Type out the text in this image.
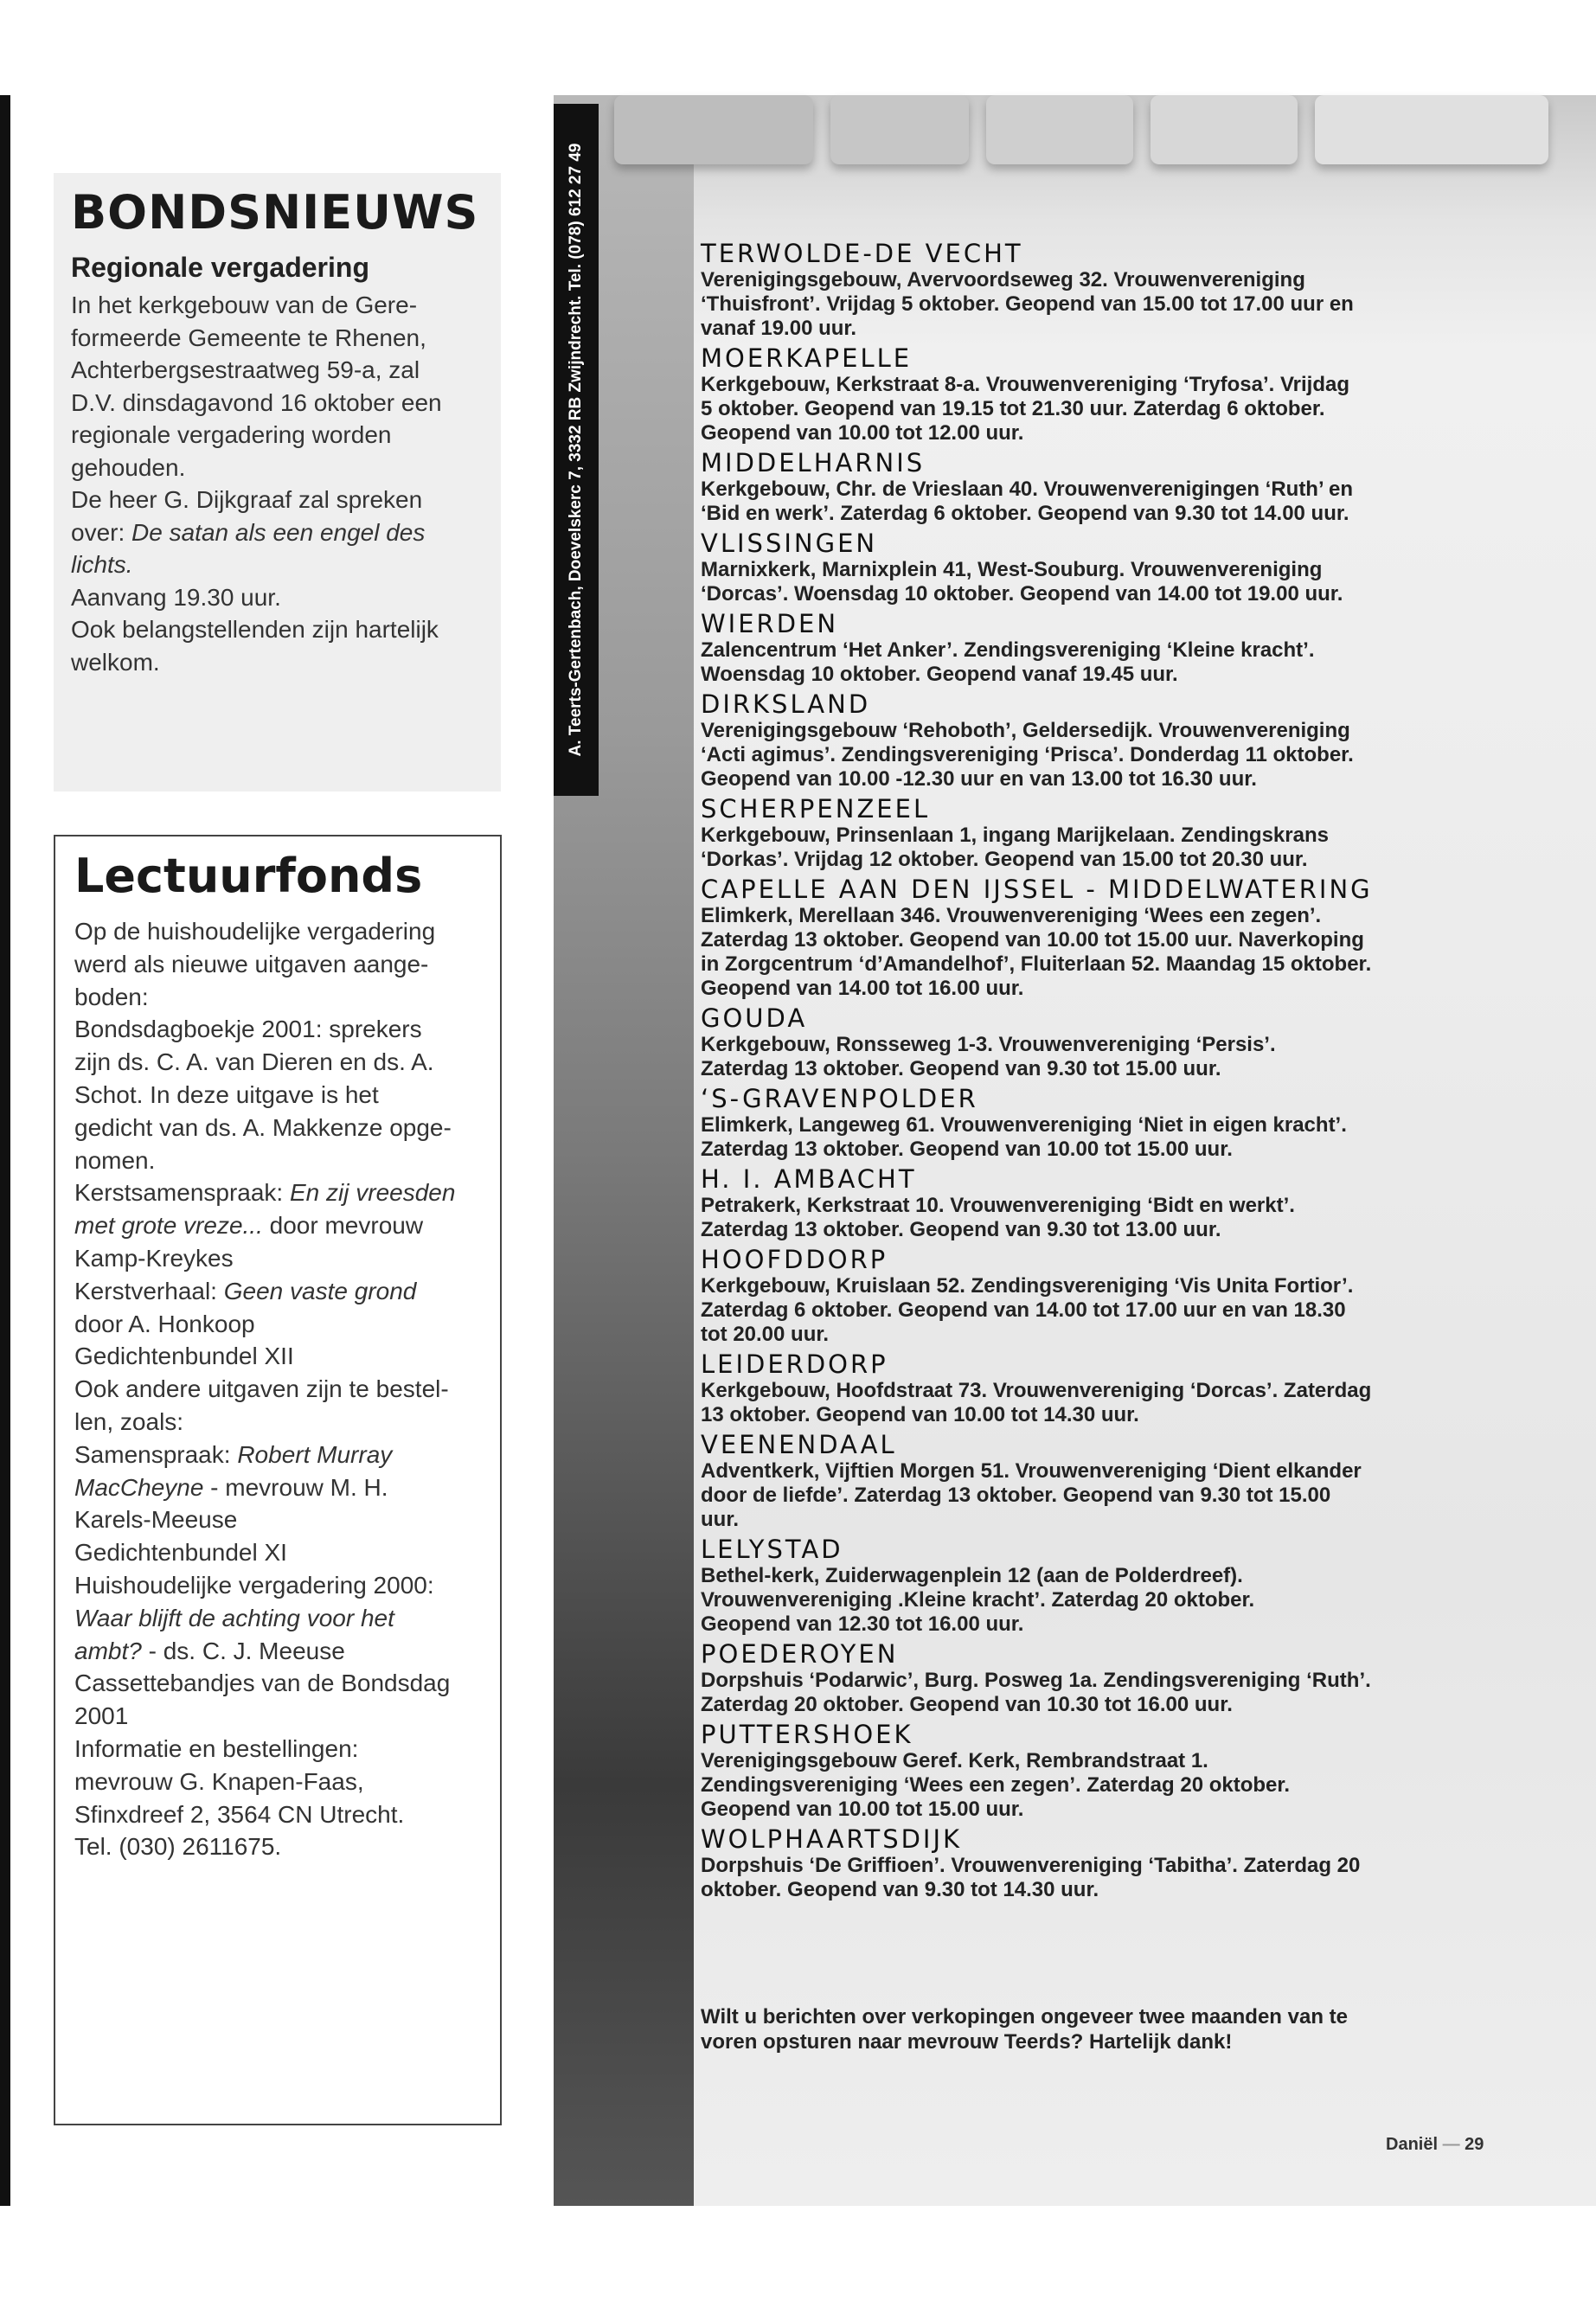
BONDSNIEUWS
Regionale vergadering

In het kerkgebouw van de Gere-

formeerde Gemeente te Rhenen,

Achterbergsestraatweg 59-a, zal

D.V. dinsdagavond 16 oktober een

regionale vergadering worden

gehouden.

De heer G. Dijkgraaf zal spreken

over: De satan als een engel des

lichts.

Aanvang 19.30 uur.

Ook belangstellenden zijn hartelijk

welkom.

Lectuurfonds

Op de huishoudelijke vergadering

werd als nieuwe uitgaven aange-

boden:

Bondsdagboekje 2001: sprekers

zijn ds. C. A. van Dieren en ds. A.

Schot. In deze uitgave is het

gedicht van ds. A. Makkenze opge-

nomen.

Kerstsamenspraak: En zij vreesden

met grote vreze... door mevrouw

Kamp-Kreykes

Kerstverhaal: Geen vaste grond

door A. Honkoop

Gedichtenbundel XII

Ook andere uitgaven zijn te bestel-

len, zoals:

Samenspraak: Robert Murray

MacCheyne - mevrouw M. H.

Karels-Meeuse

Gedichtenbundel XI

Huishoudelijke vergadering 2000:

Waar blijft de achting voor het

ambt? - ds. C. J. Meeuse

Cassettebandjes van de Bondsdag

2001

Informatie en bestellingen:

mevrouw G. Knapen-Faas,

Sfinxdreef 2, 3564 CN Utrecht.

Tel. (030) 2611675.

A. Teerts-Gertenbach, Doevelskerc 7, 3332 RB Zwijndrecht. Tel. (078) 612 27 49	TERWOLDE-DE VECHT

Verenigingsgebouw, Avervoordseweg 32. Vrouwenvereniging

‘Thuisfront’. Vrijdag 5 oktober. Geopend van 15.00 tot 17.00 uur en

vanaf 19.00 uur.

MOERKAPELLE

Kerkgebouw, Kerkstraat 8-a. Vrouwenvereniging ‘Tryfosa’. Vrijdag

5 oktober. Geopend van 19.15 tot 21.30 uur. Zaterdag 6 oktober.

Geopend van 10.00 tot 12.00 uur.

MIDDELHARNIS

Kerkgebouw, Chr. de Vrieslaan 40. Vrouwenverenigingen ‘Ruth’ en

‘Bid en werk’. Zaterdag 6 oktober. Geopend van 9.30 tot 14.00 uur.

VLISSINGEN

Marnixkerk, Marnixplein 41, West-Souburg. Vrouwenvereniging

‘Dorcas’. Woensdag 10 oktober. Geopend van 14.00 tot 19.00 uur.

WIERDEN

Zalencentrum ‘Het Anker’. Zendingsvereniging ‘Kleine kracht’.

Woensdag 10 oktober. Geopend vanaf 19.45 uur.

DIRKSLAND

Verenigingsgebouw ‘Rehoboth’, Geldersedijk. Vrouwenvereniging

‘Acti agimus’. Zendingsvereniging ‘Prisca’. Donderdag 11 oktober.

Geopend van 10.00 -12.30 uur en van 13.00 tot 16.30 uur.

SCHERPENZEEL

Kerkgebouw, Prinsenlaan 1, ingang Marijkelaan. Zendingskrans

‘Dorkas’. Vrijdag 12 oktober. Geopend van 15.00 tot 20.30 uur.

CAPELLE AAN DEN IJSSEL - MIDDELWATERING

Elimkerk, Merellaan 346. Vrouwenvereniging ‘Wees een zegen’.

Zaterdag 13 oktober. Geopend van 10.00 tot 15.00 uur. Naverkoping

in Zorgcentrum ‘d’Amandelhof’, Fluiterlaan 52. Maandag 15 oktober.

Geopend van 14.00 tot 16.00 uur.

GOUDA

Kerkgebouw, Ronsseweg 1-3. Vrouwenvereniging ‘Persis’.

Zaterdag 13 oktober. Geopend van 9.30 tot 15.00 uur.

‘S-GRAVENPOLDER

Elimkerk, Langeweg 61. Vrouwenvereniging ‘Niet in eigen kracht’.

Zaterdag 13 oktober. Geopend van 10.00 tot 15.00 uur.

H. I. AMBACHT

Petrakerk, Kerkstraat 10. Vrouwenvereniging ‘Bidt en werkt’.

Zaterdag 13 oktober. Geopend van 9.30 tot 13.00 uur.

HOOFDDORP

Kerkgebouw, Kruislaan 52. Zendingsvereniging ‘Vis Unita Fortior’.

Zaterdag 6 oktober. Geopend van 14.00 tot 17.00 uur en van 18.30

tot 20.00 uur.

LEIDERDORP

Kerkgebouw, Hoofdstraat 73. Vrouwenvereniging ‘Dorcas’. Zaterdag

13 oktober. Geopend van 10.00 tot 14.30 uur.

VEENENDAAL

Adventkerk, Vijftien Morgen 51. Vrouwenvereniging ‘Dient elkander

door de liefde’. Zaterdag 13 oktober. Geopend van 9.30 tot 15.00

uur.

LELYSTAD

Bethel-kerk, Zuiderwagenplein 12 (aan de Polderdreef).

Vrouwenvereniging .Kleine kracht’. Zaterdag 20 oktober.

Geopend van 12.30 tot 16.00 uur.

POEDEROYEN

Dorpshuis ‘Podarwic’, Burg. Posweg 1a. Zendingsvereniging ‘Ruth’.

Zaterdag 20 oktober. Geopend van 10.30 tot 16.00 uur.

PUTTERSHOEK

Verenigingsgebouw Geref. Kerk, Rembrandstraat 1.

Zendingsvereniging ‘Wees een zegen’. Zaterdag 20 oktober.

Geopend van 10.00 tot 15.00 uur.

WOLPHAARTSDIJK

Dorpshuis ‘De Griffioen’. Vrouwenvereniging ‘Tabitha’. Zaterdag 20

oktober. Geopend van 9.30 tot 14.30 uur.

Wilt u berichten over verkopingen ongeveer twee maanden van te
voren opsturen naar mevrouw Teerds? Hartelijk dank!

Daniël — 29
